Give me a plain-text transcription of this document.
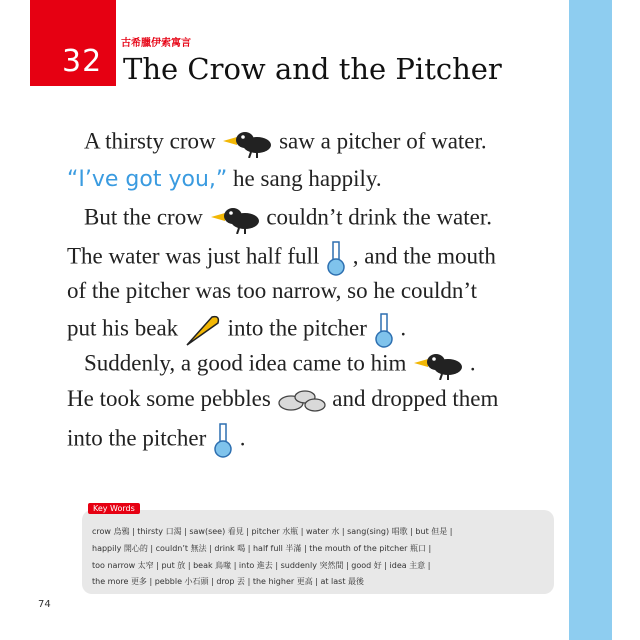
32
古希臘伊索寓言
The Crow and the Pitcher
A thirsty crow	saw a pitcher of water.
“I’ve got you,” he sang happily.
But the crow	couldn’t drink the water.
The water was just half full , and the mouth
of the pitcher was too narrow, so he couldn’t
put his beak into the pitcher .
Suddenly, a good idea came to him	.
He took some pebbles	and dropped them
into the pitcher .
Key Words
crow 烏鴉 | thirsty 口渴 | saw(see) 看見 | pitcher 水瓶 | water 水 | sang(sing) 唱歌 | but 但是 |
happily 開心的 | couldn’t 無法 | drink 喝 | half full 半滿 | the mouth of the pitcher 瓶口 |
too narrow 太窄 | put 放 | beak 鳥喙 | into 進去 | suddenly 突然間 | good 好 | idea 主意 |
the more 更多 | pebble 小石頭 | drop 丟 | the higher 更高 | at last 最後
74
